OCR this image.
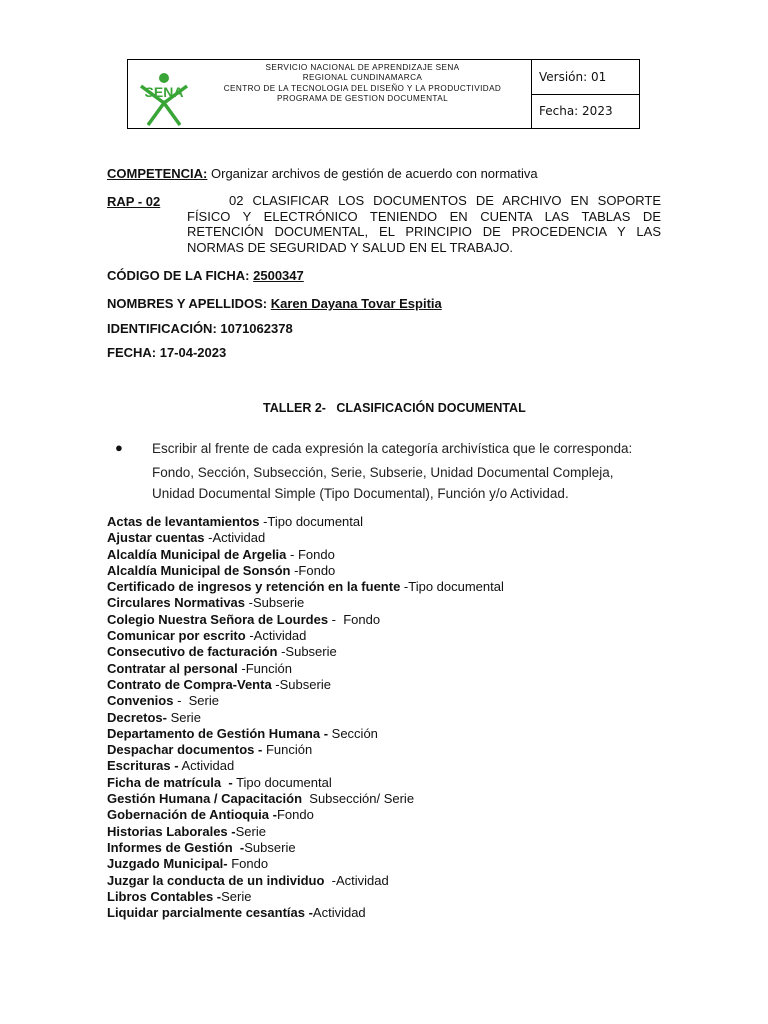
SENA
SERVICIO NACIONAL DE APRENDIZAJE SENA
REGIONAL CUNDINAMARCA
CENTRO DE LA TECNOLOGIA DEL DISEÑO Y LA PRODUCTIVIDAD
PROGRAMA DE GESTION DOCUMENTAL
Versión: 01
Fecha: 2023
COMPETENCIA: Organizar archivos de gestión de acuerdo con normativa
RAP - 02	02 CLASIFICAR LOS DOCUMENTOS DE ARCHIVO EN SOPORTE FÍSICO Y ELECTRÓNICO TENIENDO EN CUENTA LAS TABLAS DE RETENCIÓN DOCUMENTAL, EL PRINCIPIO DE PROCEDENCIA Y LAS NORMAS DE SEGURIDAD Y SALUD EN EL TRABAJO.
CÓDIGO DE LA FICHA: 2500347
NOMBRES Y APELLIDOS: Karen Dayana Tovar Espitia
IDENTIFICACIÓN: 1071062378
FECHA: 17-04-2023
TALLER 2-   CLASIFICACIÓN DOCUMENTAL
● Escribir al frente de cada expresión la categoría archivística que le corresponda:
Fondo, Sección, Subsección, Serie, Subserie, Unidad Documental Compleja, Unidad Documental Simple (Tipo Documental), Función y/o Actividad.
Actas de levantamientos -Tipo documental
Ajustar cuentas -Actividad
Alcaldía Municipal de Argelia - Fondo
Alcaldía Municipal de Sonsón -Fondo
Certificado de ingresos y retención en la fuente -Tipo documental
Circulares Normativas -Subserie
Colegio Nuestra Señora de Lourdes -  Fondo
Comunicar por escrito -Actividad
Consecutivo de facturación -Subserie
Contratar al personal -Función
Contrato de Compra-Venta -Subserie
Convenios -  Serie
Decretos- Serie
Departamento de Gestión Humana - Sección
Despachar documentos - Función
Escrituras - Actividad
Ficha de matrícula  - Tipo documental
Gestión Humana / Capacitación  Subsección/ Serie
Gobernación de Antioquia -Fondo
Historias Laborales -Serie
Informes de Gestión  -Subserie
Juzgado Municipal- Fondo
Juzgar la conducta de un individuo  -Actividad
Libros Contables -Serie
Liquidar parcialmente cesantías -Actividad
